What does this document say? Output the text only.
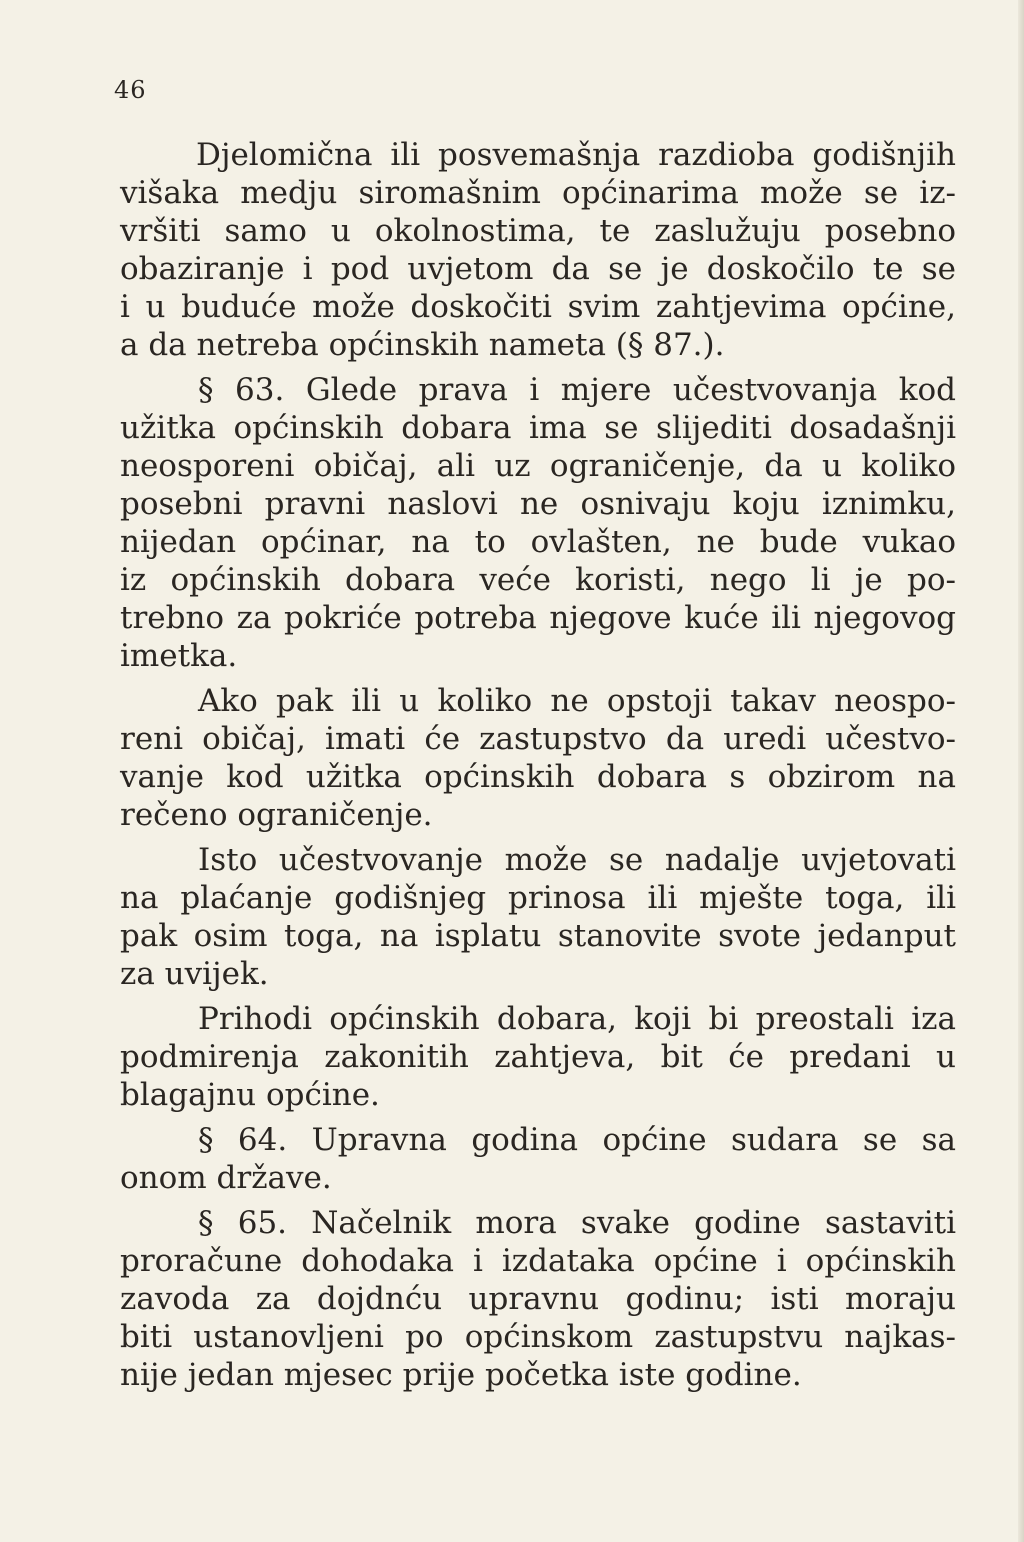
46
Djelomična ili posvemašnja razdioba godišnjih
višaka medju siromašnim općinarima može se iz-
vršiti samo u okolnostima, te zaslužuju posebno
obaziranje i pod uvjetom da se je doskočilo te se
i u buduće može doskočiti svim zahtjevima općine,
a da netreba općinskih nameta (§ 87.).
§ 63. Glede prava i mjere učestvovanja kod
užitka općinskih dobara ima se slijediti dosadašnji
neosporeni običaj, ali uz ograničenje, da u koliko
posebni pravni naslovi ne osnivaju koju iznimku,
nijedan općinar, na to ovlašten, ne bude vukao
iz općinskih dobara veće koristi, nego li je po-
trebno za pokriće potreba njegove kuće ili njegovog
imetka.
Ako pak ili u koliko ne opstoji takav neospo-
reni običaj, imati će zastupstvo da uredi učestvo-
vanje kod užitka općinskih dobara s obzirom na
rečeno ograničenje.
Isto učestvovanje može se nadalje uvjetovati
na plaćanje godišnjeg prinosa ili mješte toga, ili
pak osim toga, na isplatu stanovite svote jedanput
za uvijek.
Prihodi općinskih dobara, koji bi preostali iza
podmirenja zakonitih zahtjeva, bit će predani u
blagajnu općine.
§ 64. Upravna godina općine sudara se sa
onom države.
§ 65. Načelnik mora svake godine sastaviti
proračune dohodaka i izdataka općine i općinskih
zavoda za dojdnću upravnu godinu; isti moraju
biti ustanovljeni po općinskom zastupstvu najkas-
nije jedan mjesec prije početka iste godine.
